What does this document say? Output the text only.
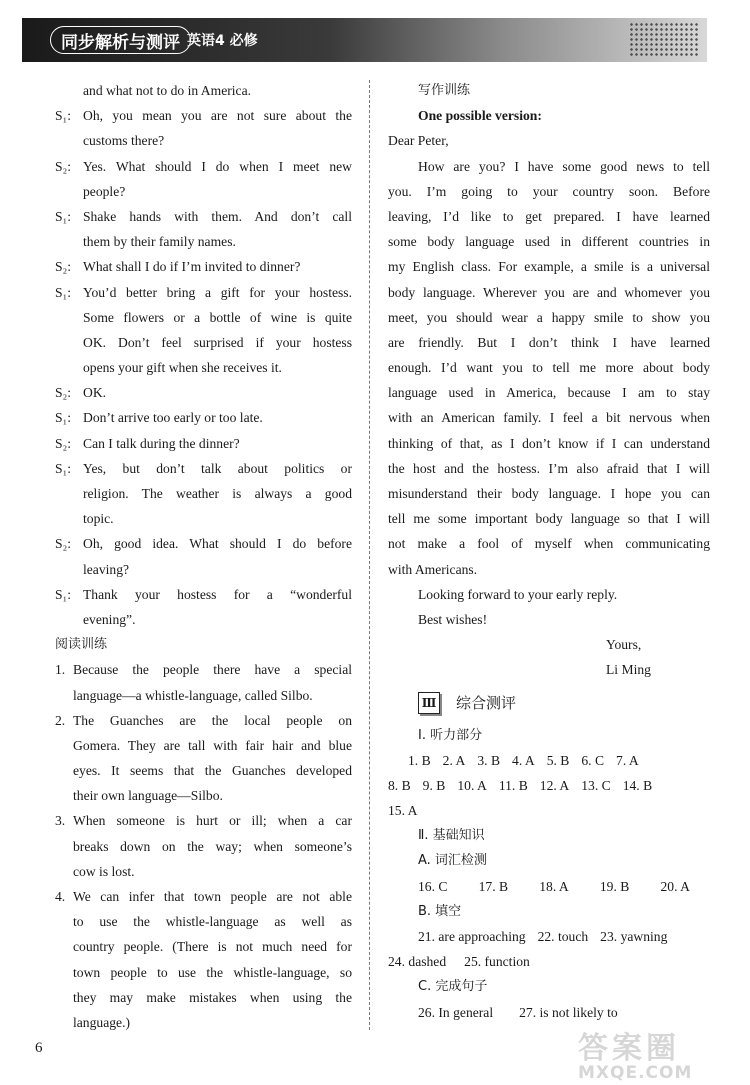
同步解析与测评 英语4 必修
and what not to do in America.
S₁: Oh, you mean you are not sure about the
customs there?
S₂: Yes. What should I do when I meet new
people?
S₁: Shake hands with them. And don’t call
them by their family names.
S₂: What shall I do if I’m invited to dinner?
S₁: You’d better bring a gift for your hostess.
Some flowers or a bottle of wine is quite
OK. Don’t feel surprised if your hostess
opens your gift when she receives it.
S₂: OK.
S₁: Don’t arrive too early or too late.
S₂: Can I talk during the dinner?
S₁: Yes, but don’t talk about politics or
religion. The weather is always a good
topic.
S₂: Oh, good idea. What should I do before
leaving?
S₁: Thank your hostess for a “wonderful
evening”.
阅读训练
1. Because the people there have a special
language—a whistle-language, called Silbo.
2. The Guanches are the local people on
Gomera. They are tall with fair hair and blue
eyes. It seems that the Guanches developed
their own language—Silbo.
3. When someone is hurt or ill; when a car
breaks down on the way; when someone’s
cow is lost.
4. We can infer that town people are not able
to use the whistle-language as well as
country people. (There is not much need for
town people to use the whistle-language, so
they may make mistakes when using the
language.)
写作训练
One possible version:
Dear Peter,
How are you? I have some good news to tell
you. I’m going to your country soon. Before
leaving, I’d like to get prepared. I have learned
some body language used in different countries in
my English class. For example, a smile is a universal
body language. Wherever you are and whomever you
meet, you should wear a happy smile to show you
are friendly. But I don’t think I have learned
enough. I’d want you to tell me more about body
language used in America, because I am to stay
with an American family. I feel a bit nervous when
thinking of that, as I don’t know if I can understand
the host and the hostess. I’m also afraid that I will
misunderstand their body language. I hope you can
tell me some important body language so that I will
not make a fool of myself when communicating
with Americans.
Looking forward to your early reply.
Best wishes!
Yours,
Li Ming
Ⅲ 综合测评
Ⅰ. 听力部分
1. B 2. A 3. B 4. A 5. B 6. C 7. A
8. B 9. B 10. A 11. B 12. A 13. C 14. B
15. A
Ⅱ. 基础知识
A. 词汇检测
16. C 17. B 18. A 19. B 20. A
B. 填空
21. are approaching 22. touch 23. yawning
24. dashed 25. function
C. 完成句子
26. In general 27. is not likely to
6	答案圈
MXQE.COM
